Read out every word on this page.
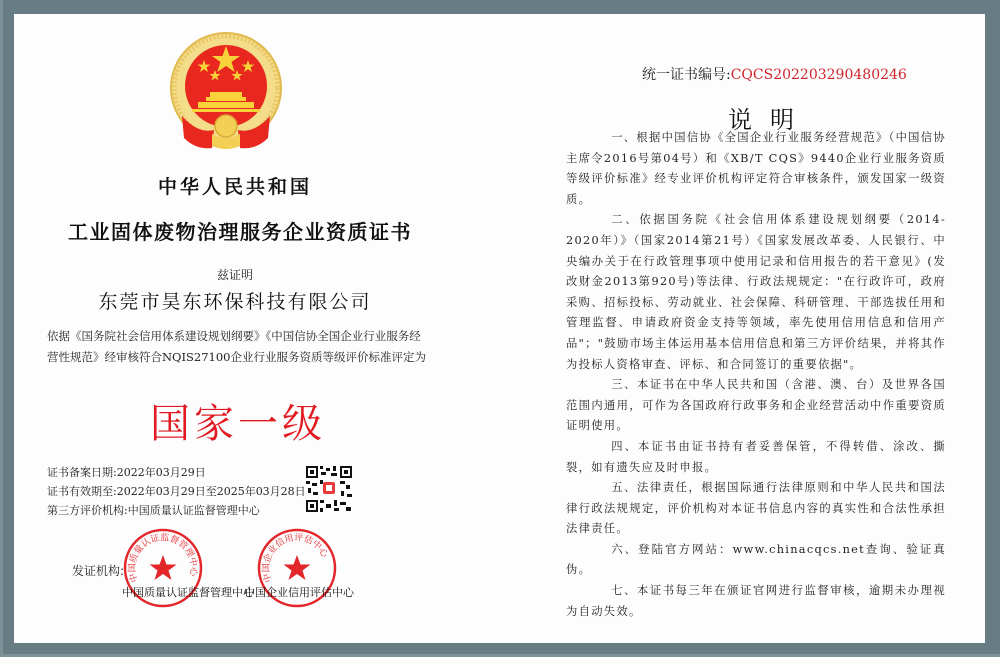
中华人民共和国
工业固体废物治理服务企业资质证书
兹证明
东莞市昊东环保科技有限公司
依据《国务院社会信用体系建设规划纲要》《中国信协全国企业行业服务经营性规范》经审核符合NQIS27100企业行业服务资质等级评价标准评定为
国家一级
证书备案日期:2022年03月29日
证书有效期至:2022年03月29日至2025年03月28日
第三方评价机构:中国质量认证监督管理中心
发证机构: 中国质量认证监督管理中心
中国质量认证监督管理中心
中国企业信用评估中心
中国企业信用评估中心
统一证书编号:CQCS202203290480246
说明

一、根据中国信协《全国企业行业服务经营规范》（中国信协主席令2016号第04号）和《XB/T CQS》9440企业行业服务资质等级评价标准》经专业评价机构评定符合审核条件，颁发国家一级资质。

二、依据国务院《社会信用体系建设规划纲要（2014-2020年）》（国家2014第21号）《国家发展改革委、人民银行、中央编办关于在行政管理事项中使用记录和信用报告的若干意见》(发改财金2013第920号)等法律、行政法规规定："在行政许可，政府采购、招标投标、劳动就业、社会保障、科研管理、干部选拔任用和管理监督、申请政府资金支持等领域，率先使用信用信息和信用产品"；"鼓励市场主体运用基本信用信息和第三方评价结果，并将其作为投标人资格审查、评标、和合同签订的重要依据"。

三、本证书在中华人民共和国（含港、澳、台）及世界各国范围内通用，可作为各国政府行政事务和企业经营活动中作重要资质证明使用。

四、本证书由证书持有者妥善保管，不得转借、涂改、撕裂，如有遗失应及时申报。

五、法律责任，根据国际通行法律原则和中华人民共和国法律行政法规规定，评价机构对本证书信息内容的真实性和合法性承担法律责任。

六、登陆官方网站：www.chinacqcs.net查询、验证真伪。

七、本证书每三年在颁证官网进行监督审核，逾期未办理视为自动失效。
